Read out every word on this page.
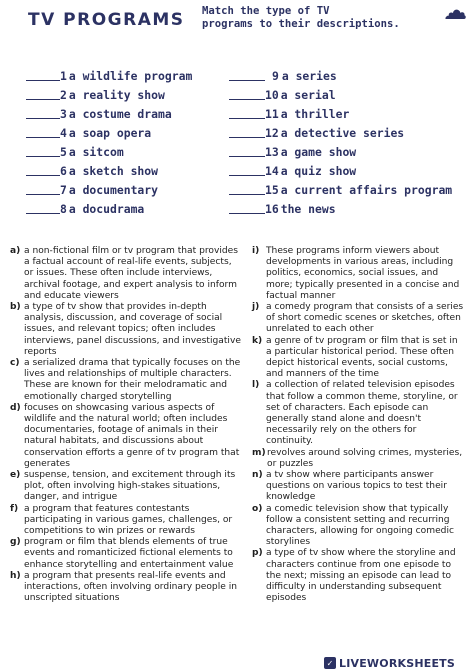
TV PROGRAMS Match the type of TV
programs to their descriptions.
1 a wildlife program
2 a reality show
3 a costume drama
4 a soap opera
5 a sitcom
6 a sketch show
7 a documentary
8 a docudrama
9 a series
10 a serial
11 a thriller
12 a detective series
13 a game show
14 a quiz show
15 a current affairs program
16 the news
a) a non-fictional film or tv program that provides a factual account of real-life events, subjects, or issues. These often include interviews, archival footage, and expert analysis to inform and educate viewers
b) a type of tv show that provides in-depth analysis, discussion, and coverage of social issues, and relevant topics; often includes interviews, panel discussions, and investigative reports
c) a serialized drama that typically focuses on the lives and relationships of multiple characters. These are known for their melodramatic and emotionally charged storytelling
d) focuses on showcasing various aspects of wildlife and the natural world; often includes documentaries, footage of animals in their natural habitats, and discussions about conservation efforts a genre of tv program that generates
e) suspense, tension, and excitement through its plot, often involving high-stakes situations, danger, and intrigue
f) a program that features contestants participating in various games, challenges, or competitions to win prizes or rewards
g) program or film that blends elements of true events and romanticized fictional elements to enhance storytelling and entertainment value
h) a program that presents real-life events and interactions, often involving ordinary people in unscripted situations
i) These programs inform viewers about developments in various areas, including politics, economics, social issues, and more; typically presented in a concise and factual manner
j) a comedy program that consists of a series of short comedic scenes or sketches, often unrelated to each other
k) a genre of tv program or film that is set in a particular historical period. These often depict historical events, social customs, and manners of the time
l) a collection of related television episodes that follow a common theme, storyline, or set of characters. Each episode can generally stand alone and doesn't necessarily rely on the others for continuity.
m) revolves around solving crimes, mysteries, or puzzles
n) a tv show where participants answer questions on various topics to test their knowledge
o) a comedic television show that typically follow a consistent setting and recurring characters, allowing for ongoing comedic storylines
p) a type of tv show where the storyline and characters continue from one episode to the next; missing an episode can lead to difficulty in understanding subsequent episodes
✓ LIVEWORKSHEETS
